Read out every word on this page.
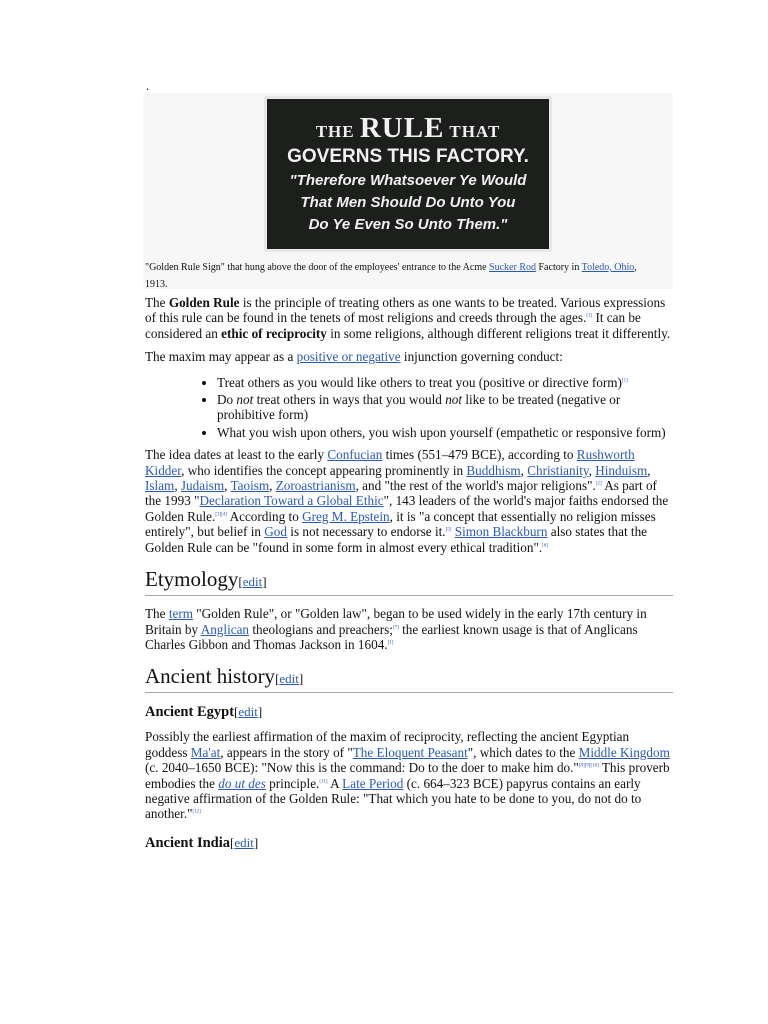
.
THE RULE THAT
GOVERNS THIS FACTORY.
"Therefore Whatsoever Ye Would
That Men Should Do Unto You
Do Ye Even So Unto Them."
"Golden Rule Sign" that hung above the door of the employees' entrance to the Acme Sucker Rod Factory in Toledo, Ohio, 1913.

The Golden Rule is the principle of treating others as one wants to be treated. Various expressions of this rule can be found in the tenets of most religions and creeds through the ages.[1] It can be considered an ethic of reciprocity in some religions, although different religions treat it differently.

The maxim may appear as a positive or negative injunction governing conduct:

• Treat others as you would like others to treat you (positive or directive form)[1]
• Do not treat others in ways that you would not like to be treated (negative or prohibitive form)
• What you wish upon others, you wish upon yourself (empathetic or responsive form)

The idea dates at least to the early Confucian times (551–479 BCE), according to Rushworth Kidder, who identifies the concept appearing prominently in Buddhism, Christianity, Hinduism, Islam, Judaism, Taoism, Zoroastrianism, and "the rest of the world's major religions".[2] As part of the 1993 "Declaration Toward a Global Ethic", 143 leaders of the world's major faiths endorsed the Golden Rule.[3][4] According to Greg M. Epstein, it is "a concept that essentially no religion misses entirely", but belief in God is not necessary to endorse it.[5] Simon Blackburn also states that the Golden Rule can be "found in some form in almost every ethical tradition".[6]

Etymology[edit]

The term "Golden Rule", or "Golden law", began to be used widely in the early 17th century in Britain by Anglican theologians and preachers;[7] the earliest known usage is that of Anglicans Charles Gibbon and Thomas Jackson in 1604.[1]

Ancient history[edit]
Ancient Egypt[edit]

Possibly the earliest affirmation of the maxim of reciprocity, reflecting the ancient Egyptian goddess Ma'at, appears in the story of "The Eloquent Peasant", which dates to the Middle Kingdom (c. 2040–1650 BCE): "Now this is the command: Do to the doer to make him do."[8][9][10] This proverb embodies the do ut des principle.[11] A Late Period (c. 664–323 BCE) papyrus contains an early negative affirmation of the Golden Rule: "That which you hate to be done to you, do not do to another."[12]

Ancient India[edit]
